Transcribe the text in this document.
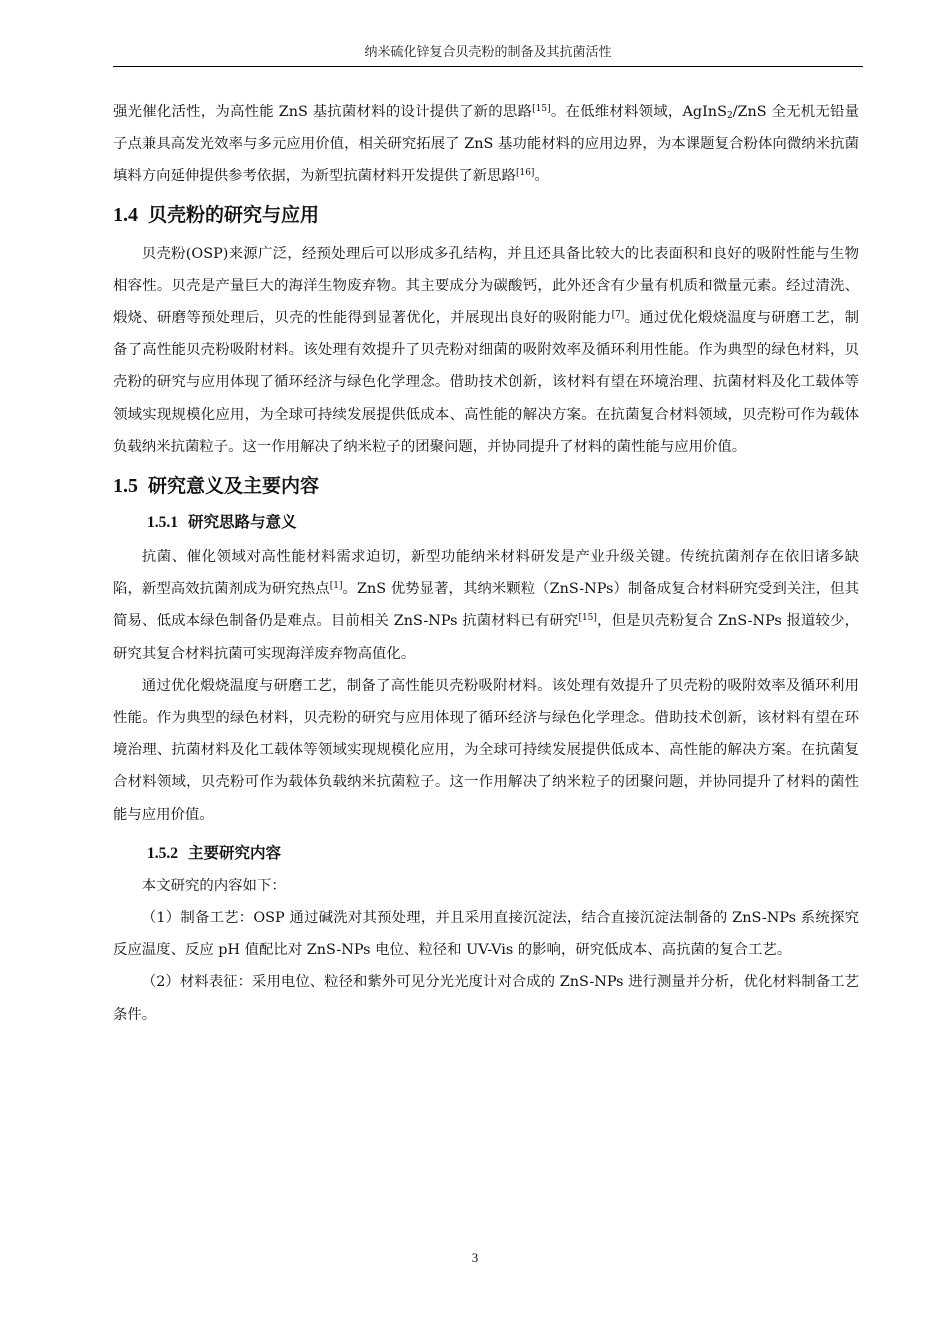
纳米硫化锌复合贝壳粉的制备及其抗菌活性

强光催化活性，为高性能 ZnS 基抗菌材料的设计提供了新的思路[15]。在低维材料领域，AgInS$_2$/ZnS 全无机无铅量子点兼具高发光效率与多元应用价值，相关研究拓展了 ZnS 基功能材料的应用边界，为本课题复合粉体向微纳米抗菌填料方向延伸提供参考依据，为新型抗菌材料开发提供了新思路[16]。

1.4 贝壳粉的研究与应用

贝壳粉(OSP)来源广泛，经预处理后可以形成多孔结构，并且还具备比较大的比表面积和良好的吸附性能与生物相容性。贝壳是产量巨大的海洋生物废弃物。其主要成分为碳酸钙，此外还含有少量有机质和微量元素。经过清洗、煅烧、研磨等预处理后，贝壳的性能得到显著优化，并展现出良好的吸附能力[7]。通过优化煅烧温度与研磨工艺，制备了高性能贝壳粉吸附材料。该处理有效提升了贝壳粉对细菌的吸附效率及循环利用性能。作为典型的绿色材料，贝壳粉的研究与应用体现了循环经济与绿色化学理念。借助技术创新，该材料有望在环境治理、抗菌材料及化工载体等领域实现规模化应用，为全球可持续发展提供低成本、高性能的解决方案。在抗菌复合材料领域，贝壳粉可作为载体负载纳米抗菌粒子。这一作用解决了纳米粒子的团聚问题，并协同提升了材料的菌性能与应用价值。

1.5 研究意义及主要内容
1.5.1 研究思路与意义

抗菌、催化领域对高性能材料需求迫切，新型功能纳米材料研发是产业升级关键。传统抗菌剂存在依旧诸多缺陷，新型高效抗菌剂成为研究热点[1]。ZnS 优势显著，其纳米颗粒（ZnS-NPs）制备成复合材料研究受到关注，但其简易、低成本绿色制备仍是难点。目前相关 ZnS-NPs 抗菌材料已有研究[15]，但是贝壳粉复合 ZnS-NPs 报道较少，研究其复合材料抗菌可实现海洋废弃物高值化。

通过优化煅烧温度与研磨工艺，制备了高性能贝壳粉吸附材料。该处理有效提升了贝壳粉的吸附效率及循环利用性能。作为典型的绿色材料，贝壳粉的研究与应用体现了循环经济与绿色化学理念。借助技术创新，该材料有望在环境治理、抗菌材料及化工载体等领域实现规模化应用，为全球可持续发展提供低成本、高性能的解决方案。在抗菌复合材料领域，贝壳粉可作为载体负载纳米抗菌粒子。这一作用解决了纳米粒子的团聚问题，并协同提升了材料的菌性能与应用价值。

1.5.2 主要研究内容

本文研究的内容如下：

（1）制备工艺：OSP 通过碱洗对其预处理，并且采用直接沉淀法，结合直接沉淀法制备的 ZnS-NPs 系统探究反应温度、反应 pH 值配比对 ZnS-NPs 电位、粒径和 UV-Vis 的影响，研究低成本、高抗菌的复合工艺。

（2）材料表征：采用电位、粒径和紫外可见分光光度计对合成的 ZnS-NPs 进行测量并分析，优化材料制备工艺条件。

3
